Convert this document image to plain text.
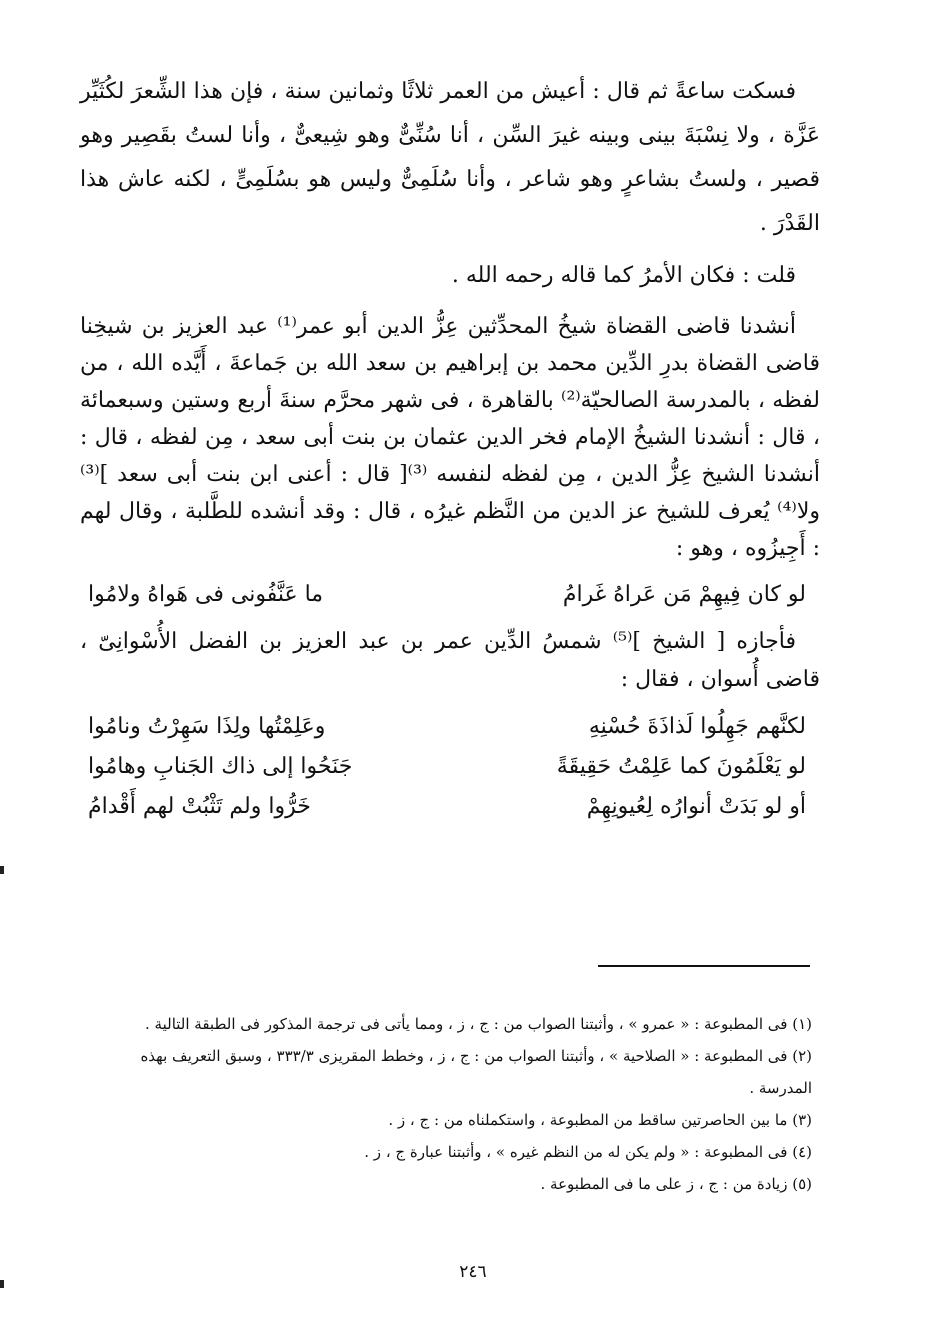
فسكت ساعةً ثم قال : أعيش من العمر ثلاثًا وثمانين سنة ، فإن هذا الشِّعرَ لكُثَيِّر عَزَّة ، ولا نِسْبَةَ بينى وبينه غيرَ السِّن ، أنا سُنِّىٌّ وهو شِيعىٌّ ، وأنا لستُ بقَصِير وهو قصير ، ولستُ بشاعرٍ وهو شاعر ، وأنا سُلَمِىٌّ وليس هو بسُلَمِىٍّ ، لكنه عاش هذا القَدْرَ .

قلت : فكان الأمرُ كما قاله رحمه الله .

أنشدنا قاضى القضاة شيخُ المحدِّثين عِزُّ الدين أبو عمر⁽¹⁾ عبد العزيز بن شيخِنا قاضى القضاة بدرِ الدِّين محمد بن إبراهيم بن سعد الله بن جَماعةَ ، أَيَّده الله ، من لفظه ، بالمدرسة الصالحيّة⁽²⁾ بالقاهرة ، فى شهر محرَّم سنةَ أربع وستين وسبعمائة ، قال : أنشدنا الشيخُ الإمام فخر الدين عثمان بن بنت أبى سعد ، مِن لفظه ، قال : أنشدنا الشيخ عِزُّ الدين ، مِن لفظه لنفسه ⁽³⁾[ قال : أعنى ابن بنت أبى سعد ]⁽³⁾ ولا⁽⁴⁾ يُعرف للشيخ عز الدين من النَّظم غيرُه ، قال : وقد أنشده للطَّلبة ، وقال لهم : أَجِيزُوه ، وهو :

لو كان فِيهِمْ مَن عَراهُ غَرامُ
ما عَنَّفُونى فى هَواهُ ولامُوا

فأجازه [ الشيخ ]⁽⁵⁾ شمسُ الدِّين عمر بن عبد العزيز بن الفضل الأُسْوانِىّ ، قاضى أُسوان ، فقال :

لكنَّهم جَهِلُوا لَذاذَةَ حُسْنِهِ
وعَلِمْتُها ولِذَا سَهِرْتُ ونامُوا
لو يَعْلَمُونَ كما عَلِمْتُ حَقِيقَةً
جَنَحُوا إلى ذاك الجَنابِ وهامُوا
أو لو بَدَتْ أنوارُه لِعُيونِهِمْ
خَرُّوا ولم تَثْبُتْ لهم أَقْدامُ

(١) فى المطبوعة : « عمرو » ، وأثبتنا الصواب من : ج ، ز ، ومما يأتى فى ترجمة المذكور فى الطبقة التالية .

(٢) فى المطبوعة : « الصلاحية » ، وأثبتنا الصواب من : ج ، ز ، وخطط المقريزى ٣٣٣/٣ ، وسبق التعريف بهذه المدرسة .

(٣) ما بين الحاصرتين ساقط من المطبوعة ، واستكملناه من : ج ، ز .

(٤) فى المطبوعة : « ولم يكن له من النظم غيره » ، وأثبتنا عبارة ج ، ز .

(٥) زيادة من : ج ، ز على ما فى المطبوعة .

٢٤٦
